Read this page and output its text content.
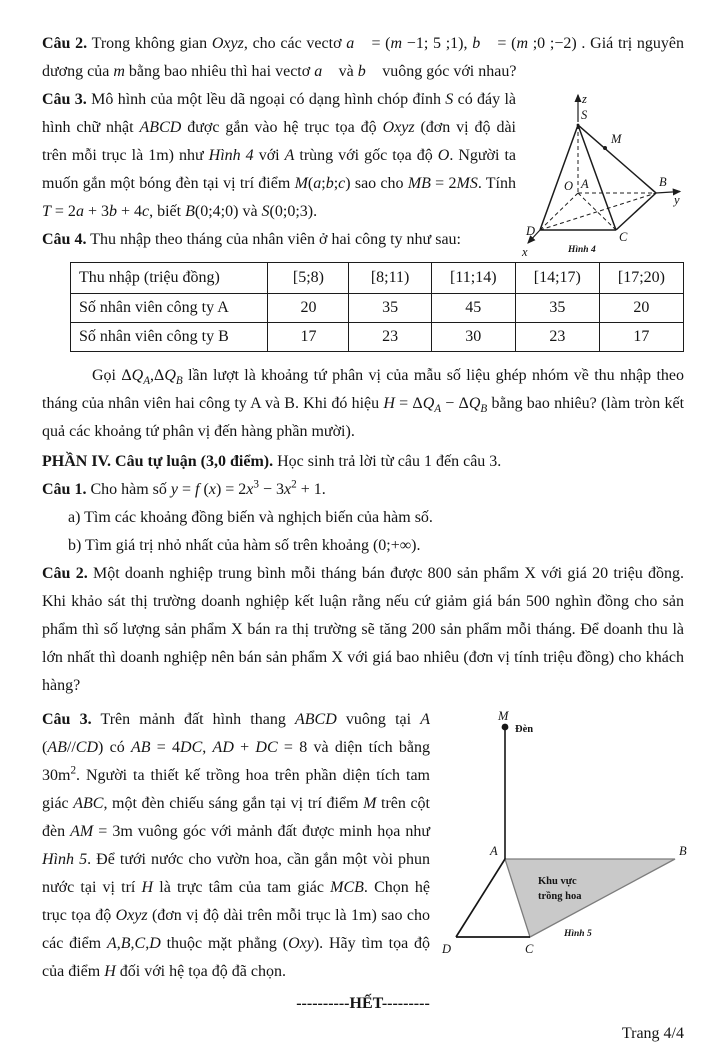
Câu 2. Trong không gian Oxyz, cho các vectơ a⃗ = (m −1; 5 ;1), b⃗ = (m ;0 ;−2) . Giá trị nguyên dương của m bằng bao nhiêu thì hai vectơ a⃗ và b⃗ vuông góc với nhau?

Câu 3. Mô hình của một lều dã ngoại có dạng hình chóp đỉnh S có đáy là hình chữ nhật ABCD được gắn vào hệ trục tọa độ Oxyz (đơn vị độ dài trên mỗi trục là 1m) như Hình 4 với A trùng với gốc tọa độ O. Người ta muốn gắn một bóng đèn tại vị trí điểm M(a;b;c) sao cho MB = 2MS. Tính T = 2a + 3b + 4c, biết B(0;4;0) và S(0;0;3).

z
S
M
B
y
O A
D	C
x	Hình 4

Câu 4. Thu nhập theo tháng của nhân viên ở hai công ty như sau:

Thu nhập (triệu đồng)	[5;8)	[8;11)	[11;14)	[14;17)	[17;20)
Số nhân viên công ty A	20	35	45	35	20
Số nhân viên công ty B	17	23	30	23	17

Gọi $\Delta Q_A,\Delta Q_B$ lần lượt là khoảng tứ phân vị của mẫu số liệu ghép nhóm về thu nhập theo tháng của nhân viên hai công ty A và B. Khi đó hiệu $H = \Delta Q_A - \Delta Q_B$ bằng bao nhiêu? (làm tròn kết quả các khoảng tứ phân vị đến hàng phần mười).

PHẦN IV. Câu tự luận (3,0 điểm). Học sinh trả lời từ câu 1 đến câu 3.

Câu 1. Cho hàm số y = f $(x) = 2x^3 - 3x^2 + 1$.

a) Tìm các khoảng đồng biến và nghịch biến của hàm số.

b) Tìm giá trị nhỏ nhất của hàm số trên khoảng (0;+∞).

Câu 2. Một doanh nghiệp trung bình mỗi tháng bán được 800 sản phẩm X với giá 20 triệu đồng. Khi khảo sát thị trường doanh nghiệp kết luận rằng nếu cứ giảm giá bán 500 nghìn đồng cho sản phẩm thì số lượng sản phẩm X bán ra thị trường sẽ tăng 200 sản phẩm mỗi tháng. Để doanh thu là lớn nhất thì doanh nghiệp nên bán sản phẩm X với giá bao nhiêu (đơn vị tính triệu đồng) cho khách hàng?

Câu 3. Trên mảnh đất hình thang ABCD vuông tại A (AB//CD) có AB = 4DC, AD + DC = 8 và diện tích bằng $30m^2$. Người ta thiết kế trồng hoa trên phần diện tích tam giác ABC, một đèn chiếu sáng gắn tại vị trí điểm M trên cột đèn AM = 3m vuông góc với mảnh đất được minh họa như Hình 5. Để tưới nước cho vườn hoa, cần gắn một vòi phun nước tại vị trí H là trực tâm của tam giác MCB. Chọn hệ trục tọa độ Oxyz (đơn vị độ dài trên mỗi trục là 1m) sao cho các điểm A,B,C,D thuộc mặt phẳng (Oxy). Hãy tìm tọa độ của điểm H đối với hệ tọa độ đã chọn.

M
A	B
C
D
Đèn
Khu vực
trồng hoa
Hình 5

----------HẾT---------

Trang 4/4
